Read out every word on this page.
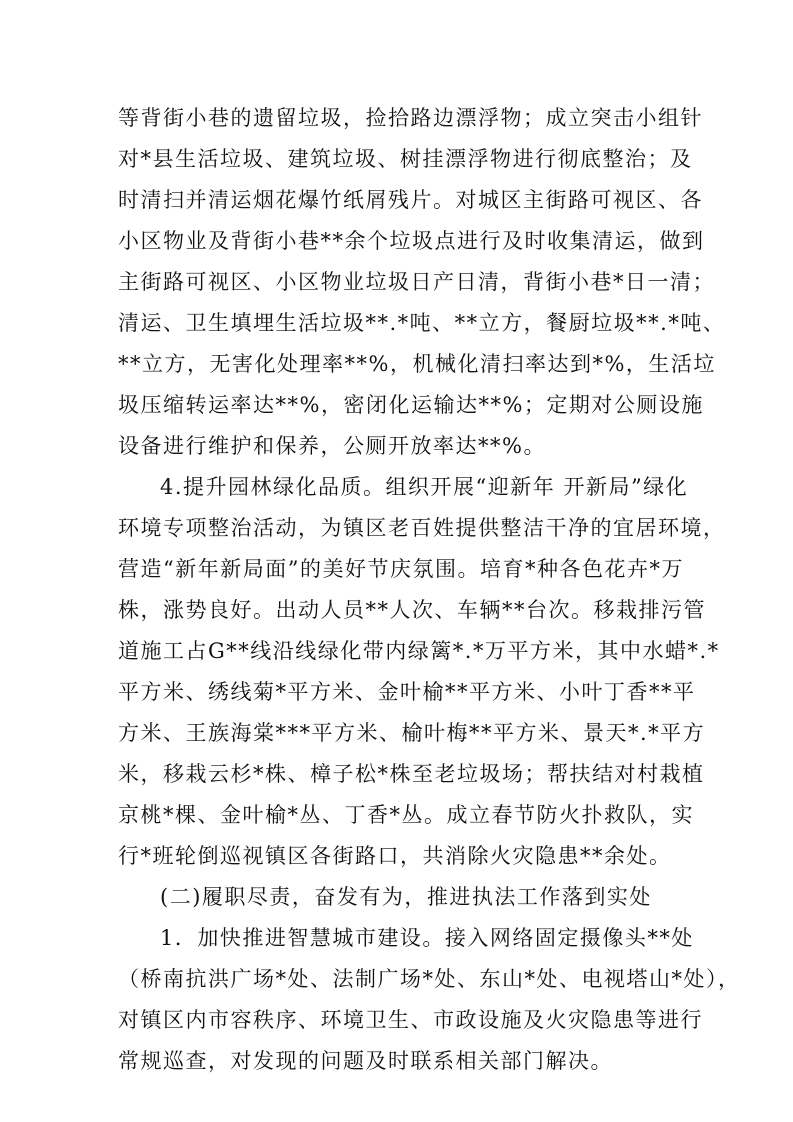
等背街小巷的遗留垃圾，捡拾路边漂浮物；成立突击小组针
对*县生活垃圾、建筑垃圾、树挂漂浮物进行彻底整治；及
时清扫并清运烟花爆竹纸屑残片。对城区主街路可视区、各
小区物业及背街小巷**余个垃圾点进行及时收集清运，做到
主街路可视区、小区物业垃圾日产日清，背街小巷*日一清；
清运、卫生填埋生活垃圾**.*吨、**立方，餐厨垃圾**.*吨、
**立方，无害化处理率**%，机械化清扫率达到*%，生活垃
圾压缩转运率达**%，密闭化运输达**%；定期对公厕设施
设备进行维护和保养，公厕开放率达**%。
4.提升园林绿化品质。组织开展“迎新年 开新局”绿化
环境专项整治活动，为镇区老百姓提供整洁干净的宜居环境，
营造“新年新局面”的美好节庆氛围。培育*种各色花卉*万
株，涨势良好。出动人员**人次、车辆**台次。移栽排污管
道施工占G**线沿线绿化带内绿篱*.*万平方米，其中水蜡*.*
平方米、绣线菊*平方米、金叶榆**平方米、小叶丁香**平
方米、王族海棠***平方米、榆叶梅**平方米、景天*.*平方
米，移栽云杉*株、樟子松*株至老垃圾场；帮扶结对村栽植
京桃*棵、金叶榆*丛、丁香*丛。成立春节防火扑救队，实
行*班轮倒巡视镇区各街路口，共消除火灾隐患**余处。
(二)履职尽责，奋发有为，推进执法工作落到实处
1．加快推进智慧城市建设。接入网络固定摄像头**处
（桥南抗洪广场*处、法制广场*处、东山*处、电视塔山*处），
对镇区内市容秩序、环境卫生、市政设施及火灾隐患等进行
常规巡查，对发现的问题及时联系相关部门解决。
